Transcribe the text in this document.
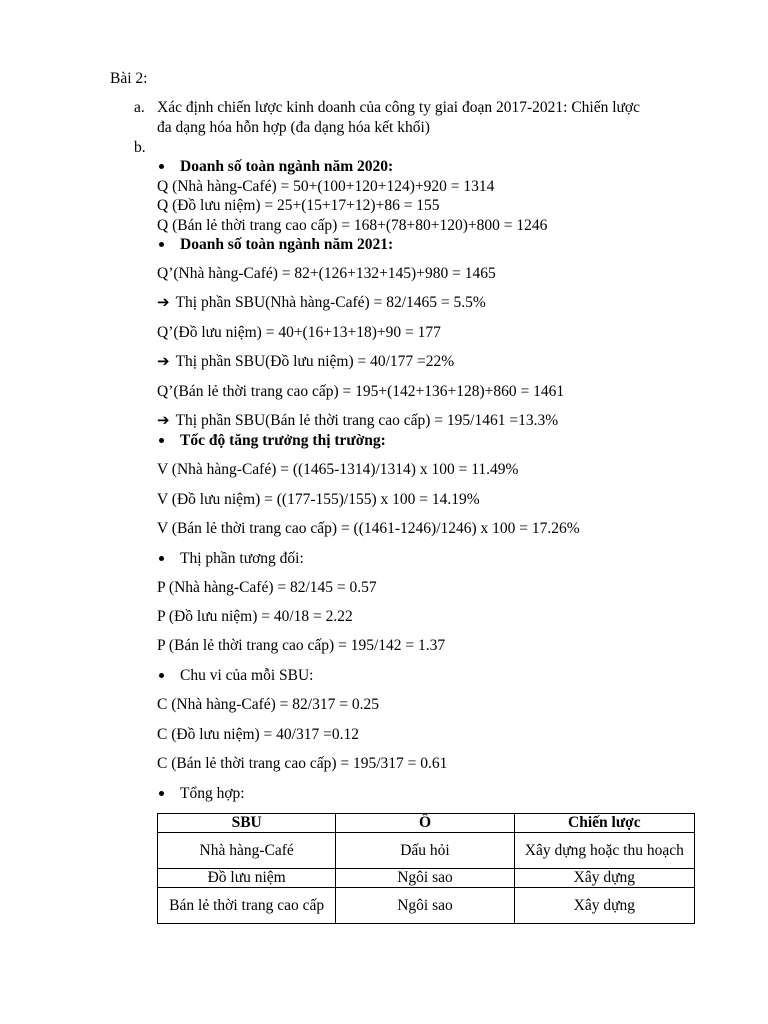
Bài 2:
a. Xác định chiến lược kinh doanh của công ty giai đoạn 2017-2021: Chiến lược
đa dạng hóa hỗn hợp (đa dạng hóa kết khối)
b.
Doanh số toàn ngành năm 2020:
Q (Nhà hàng-Café) = 50+(100+120+124)+920 = 1314
Q (Đồ lưu niệm) = 25+(15+17+12)+86 = 155
Q (Bán lẻ thời trang cao cấp) = 168+(78+80+120)+800 = 1246
Doanh số toàn ngành năm 2021:
Q’(Nhà hàng-Café) = 82+(126+132+145)+980 = 1465
➔ Thị phần SBU(Nhà hàng-Café) = 82/1465 = 5.5%
Q’(Đồ lưu niệm) = 40+(16+13+18)+90 = 177
➔ Thị phần SBU(Đồ lưu niệm) = 40/177 =22%
Q’(Bán lẻ thời trang cao cấp) = 195+(142+136+128)+860 = 1461
➔ Thị phần SBU(Bán lẻ thời trang cao cấp) = 195/1461 =13.3%
Tốc độ tăng trưởng thị trường:
V (Nhà hàng-Café) = ((1465-1314)/1314) x 100 = 11.49%
V (Đồ lưu niệm) = ((177-155)/155) x 100 = 14.19%
V (Bán lẻ thời trang cao cấp) = ((1461-1246)/1246) x 100 = 17.26%
Thị phần tương đối:
P (Nhà hàng-Café) = 82/145 = 0.57
P (Đồ lưu niệm) = 40/18 = 2.22
P (Bán lẻ thời trang cao cấp) = 195/142 = 1.37
Chu vi của mỗi SBU:
C (Nhà hàng-Café) = 82/317 = 0.25
C (Đồ lưu niệm) = 40/317 =0.12
C (Bán lẻ thời trang cao cấp) = 195/317 = 0.61
Tổng hợp:
SBU	Ô	Chiến lược
Nhà hàng-Café	Dấu hỏi	Xây dựng hoặc thu hoạch
Đồ lưu niệm	Ngôi sao	Xây dựng
Bán lẻ thời trang cao cấp	Ngôi sao	Xây dựng
